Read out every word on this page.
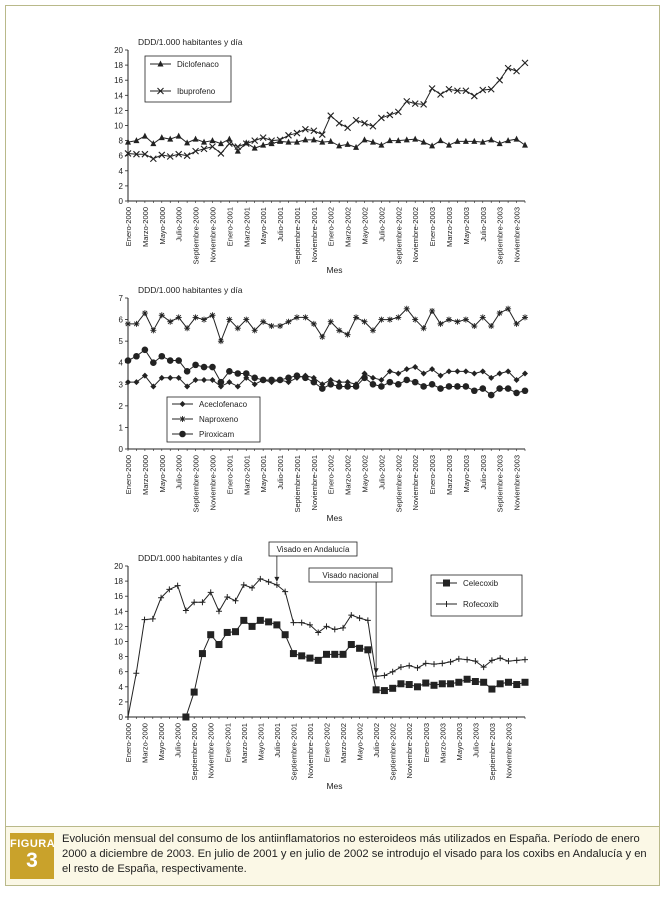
DDD/1.000 habitantes y día
0
2
4
6
8
10
12
14
16
18
20
Enero-2000 Marzo-2000 Mayo-2000 Julio-2000 Septiembre-2000 Noviembre-2000 Enero-2001 Marzo-2001 Mayo-2001 Julio-2001 Septiembre-2001 Noviembre-2001 Enero-2002 Marzo-2002 Mayo-2002 Julio-2002 Septiembre-2002 Noviembre-2002 Enero-2003 Marzo-2003 Mayo-2003 Julio-2003 Septiembre-2003 Noviembre-2003
Mes
Diclofenaco
Ibuprofeno
DDD/1.000 habitantes y día
0
1
2
3
4
5
6
7
Enero-2000 Marzo-2000 Mayo-2000 Julio-2000 Septiembre-2000 Noviembre-2000 Enero-2001 Marzo-2001 Mayo-2001 Julio-2001 Septiembre-2001 Noviembre-2001 Enero-2002 Marzo-2002 Mayo-2002 Julio-2002 Septiembre-2002 Noviembre-2002 Enero-2003 Marzo-2003 Mayo-2003 Julio-2003 Septiembre-2003 Noviembre-2003
Mes
Aceclofenaco
Naproxeno
Piroxicam
DDD/1.000 habitantes y día
0
2
4
6
8
10
12
14
16
18
20
Enero-2000 Marzo-2000 Mayo-2000 Julio-2000 Septiembre-2000 Noviembre-2000 Enero-2001 Marzo-2001 Mayo-2001 Julio-2001 Septiembre-2001 Noviembre-2001 Enero-2002 Marzo-2002 Mayo-2002 Julio-2002 Septiembre-2002 Noviembre-2002 Enero-2003 Marzo-2003 Mayo-2003 Julio-2003 Septiembre-2003 Noviembre-2003
Mes
Celecoxib
Rofecoxib
Visado en Andalucía
Visado nacional
FIGURA
3
Evolución mensual del consumo de los antiinflamatorios no esteroideos más utilizados en España. Período de enero 2000 a diciembre de 2003. En julio de 2001 y en julio de 2002 se introdujo el visado para los coxibs en Andalucía y en el resto de España, respectivamente.
